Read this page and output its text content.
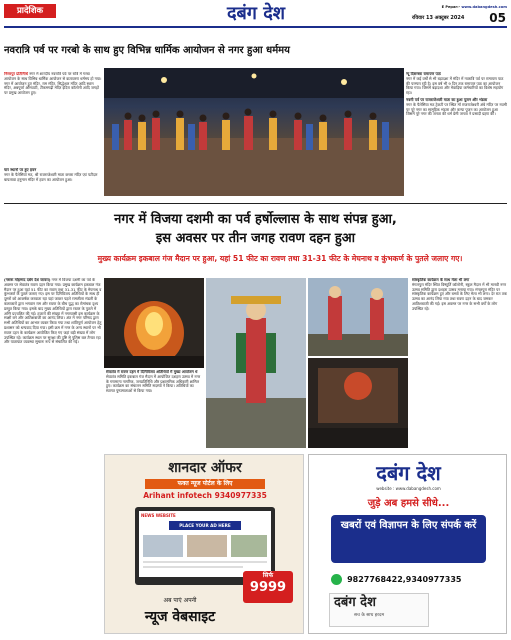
प्रादेशिक	दबंग देश	E Pepar:- www.dabangdesh.com
रविवार 13 अक्टूबर 2024	05
नवरात्रि पर्व पर गरबो के साथ हुए विभिन्न धार्मिक आयोजन से नगर हुआ धर्ममय
निसरपुर प्रतिनिधि नगर में शारदीय नवरात्रि पर्व पर रात्रि में गरबा आयोजन के साथ विभिन्न धार्मिक आयोजन से वातावरण धर्ममय हो गया। नगर में आयोजन हुए मंदिर, राम मंदिर, सिद्धेश्वर मंदिर आदि स्थान मंदिर, अन्नपूर्णा ओमवाटी, टीकमगढ़ी मंदिर इंदिरा कॉलोनी आदि जगहों पर प्रमुख आयोजन हुए।
चार स्थानों पर हुए हवन
नगर के पैलेसियां मठ, श्री राजराजेश्वरी माता कचरा मंदिर एवं पटीदार बायलावा हनुमान मंदिर में हवन का आयोजन हुआ।
न्यू दिसम्बरा रामायण पाठ
नगर में कई वर्षों से भी बड़ादशा में मंदिर में नवरात्रि पर्व पर रामायण पाठ की परम्परा रही है। इस वर्ष भी 9 दिन तक रामायण पाठ का आयोजन किया गया। जिसमें बड़ादशा और मेवाड़िया कर्मचारियों का विशेष सहयोग रहा।
नवमी पर्व पर राजराजेश्वरी माता का हुआ पूजन और भंडारा
नगर के पैलेसिया मठ ट्रेकटी पर स्थित माँ राजराजेश्वरी अंबे मंदिर पर नवमी पर पूरे नगर का सामूहिक भंडारा और कन्या पूजन का आयोजन हुआ जिसमें पूरे नगर की जनता की धर्म प्रेमी जनता ने प्रसादी ग्रहण की।
नगर में विजया दशमी का पर्व हर्षोल्लास के साथ संपन्न हुआ,
इस अवसर पर तीन जगह रावण दहन हुआ
मुख्य कार्यक्रम इकबाल गंज मैदान पर हुआ, यहां 51 फीट का रावण तथा 31-31 फीट के मेघनाथ व कुंभकर्ण के पुतले जलाए गए।
(नसरू मोहम्मद दबंग देश जावरा) नगर में विजया दशमी का पर्व के अवसर पर सेवातंत्र रावण दहन किया गया। प्रमुख कार्यक्रम इकबाल गंज मैदान पर हुआ यहां 51 फीट का रावण तथा 31-31 फीट के मेघनाथ व कुंभकर्ण के पुतले जलाए गए। इस पर दिगिविजय अतिथियों के साथ ही दूसरों को आकर्षक करवाता रहा यहां जाकर पहले रामलीला मंडली के कलाकारों द्वारा भगवान राम और रावण के बीच युद्ध का रोमांचक दृश्य प्रस्तुत किया गया। इसके बाद मुख्य अतिथियों द्वारा रावण के पुतले में अग्नि प्रज्वलित की गई। हजारों की संख्या में नगरवासी इस कार्यक्रम के साक्षी बने और आतिशबाजी का आनंद लिया। अंत में नगर परिषद द्वारा सभी अतिथियों का आभार व्यक्त किया गया तथा शांतिपूर्ण आयोजन हेतु प्रशासन को धन्यवाद दिया गया। इसी क्रम में नगर के अन्य स्थानों पर भी रावण दहन के कार्यक्रम आयोजित किए गए जहां बड़ी संख्या में लोग उपस्थित रहे। कार्यक्रम स्थल पर सुरक्षा की दृष्टि से पुलिस बल तैनात रहा और यातायात व्यवस्था सुचारू रूप से संचालित की गई।
सेवातंत्र में रावण दहन में दिगिविजय अतिथियों में मुख्य आयोजन थे
सेवातंत्र समिति इकबाल गंज मैदान में आयोजित दशहरा उत्सव में नगर के गणमान्य नागरिक, जनप्रतिनिधि और प्रशासनिक अधिकारी शामिल हुए। कार्यक्रम का संचालन समिति सदस्यों ने किया। अतिथियों का स्वागत पुष्पमालाओं से किया गया।
सांस्कृतिक कार्यक्रम के साथ मेला भी लगा
मंगलपुरा मंदिर स्थित विष्णुर्ति कॉलोनी, स्कूल मैदान में भी मानवी नगर उत्सव समिति द्वारा दशहरा उत्सव मनाया गया। मंगलपुरा मंदिर पर सांस्कृतिक कार्यक्रम हुए और बच्चों के लिए मेला भी लगा। देर रात तक उत्सव का आनंद लिया गया तथा रावण दहन के बाद जमकर आतिशबाजी की गई। इस अवसर पर नगर के सभी वर्गों के लोग उपस्थित रहे।
शानदार ऑफर
फक्त न्यूज पोर्टल के लिए
Arihant infotech 9340977335
NEWS WEBSITE
PLACE YOUR AD HERE
सिर्फ
9999
अब पाएं अपनी
न्यूज वेबसाइट
दबंग देश
website : www.dabangdesh.com
जुड़े अब हमसे सीधे...
खबरों एवं विज्ञापन के लिए संपर्क करें
9827768422,9340977335
दबंग देश
सच के साथ हरदम
